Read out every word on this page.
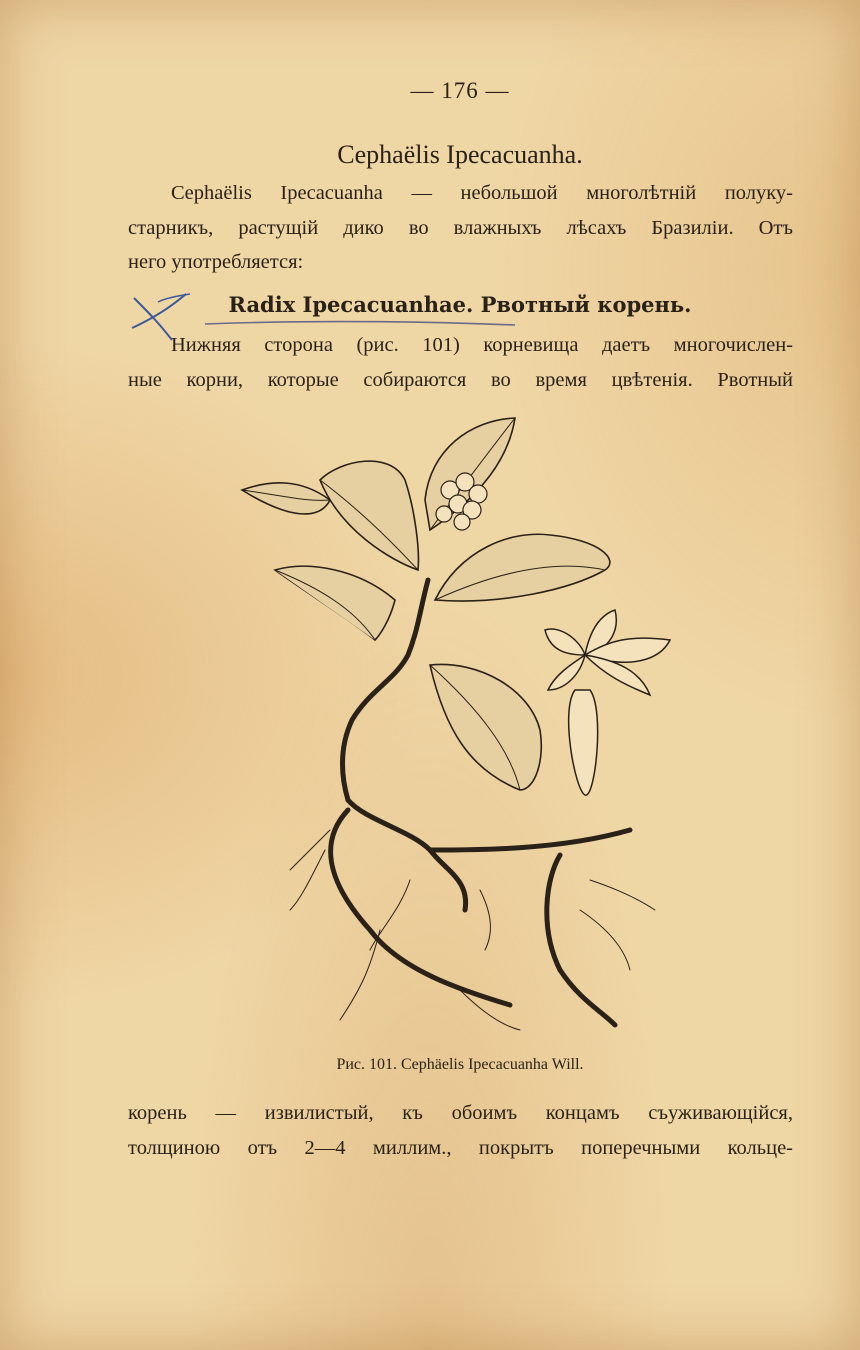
— 176 —
Cephaëlis Ipecacuanha.
Cephaëlis Ipecacuanha — небольшой многолѣтній полуку-
старникъ, растущій дико во влажныхъ лѣсахъ Бразиліи. Отъ
него употребляется:
Radix Ipecacuanhae. Рвотный корень.
Нижняя сторона (рис. 101) корневища даетъ многочислен-
ные корни, которые собираются во время цвѣтенія. Рвотный
Рис. 101. Cephäelis Ipecacuanha Will.
корень — извилистый, къ обоимъ концамъ съуживающійся,
толщиною отъ 2—4 миллим., покрытъ поперечными кольце-
